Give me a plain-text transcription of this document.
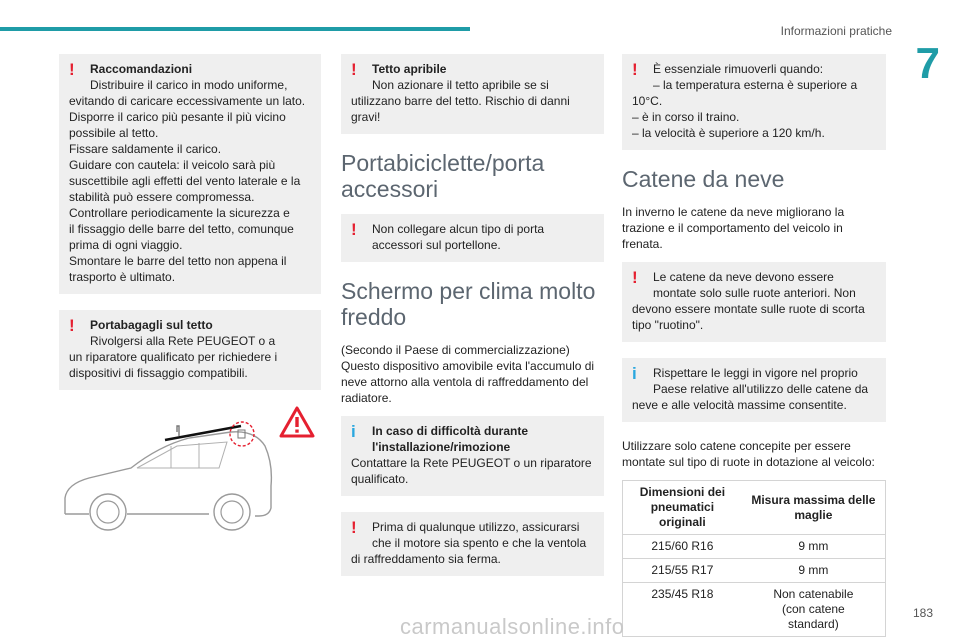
Informazioni pratiche
7
!	Raccomandazioni
Distribuire il carico in modo uniforme,

evitando di caricare eccessivamente un lato.

Disporre il carico più pesante il più vicino

possibile al tetto.

Fissare saldamente il carico.

Guidare con cautela: il veicolo sarà più

suscettibile agli effetti del vento laterale e la

stabilità può essere compromessa.

Controllare periodicamente la sicurezza e

il fissaggio delle barre del tetto, comunque

prima di ogni viaggio.

Smontare le barre del tetto non appena il

trasporto è ultimato.

!	Portabagagli sul tetto
Rivolgersi alla Rete PEUGEOT o a

un riparatore qualificato per richiedere i

dispositivi di fissaggio compatibili.

!	Tetto apribile
Non azionare il tetto apribile se si

utilizzano barre del tetto. Rischio di danni

gravi!

Portabiciclette/porta accessori
!	Non collegare alcun tipo di porta
accessori sul portellone.

Schermo per clima molto freddo

(Secondo il Paese di commercializzazione)

Questo dispositivo amovibile evita l'accumulo di

neve attorno alla ventola di raffreddamento del

radiatore.

i	In caso di difficoltà durante
l'installazione/rimozione

Contattare la Rete PEUGEOT o un riparatore

qualificato.

!	Prima di qualunque utilizzo, assicurarsi
che il motore sia spento e che la ventola

di raffreddamento sia ferma.

!	È essenziale rimuoverli quando:
– la temperatura esterna è superiore a

10°C.

– è in corso il traino.

– la velocità è superiore a 120 km/h.

Catene da neve

In inverno le catene da neve migliorano la

trazione e il comportamento del veicolo in

frenata.

!	Le catene da neve devono essere
montate solo sulle ruote anteriori. Non

devono essere montate sulle ruote di scorta

tipo "ruotino".

i	Rispettare le leggi in vigore nel proprio
Paese relative all'utilizzo delle catene da

neve e alle velocità massime consentite.

Utilizzare solo catene concepite per essere

montate sul tipo di ruote in dotazione al veicolo:

Dimensioni dei pneumatici originali	Misura massima delle maglie
215/60 R16	9 mm
215/55 R17	9 mm
235/45 R18	Non catenabile (con catene standard)
183
carmanualsonline.info
